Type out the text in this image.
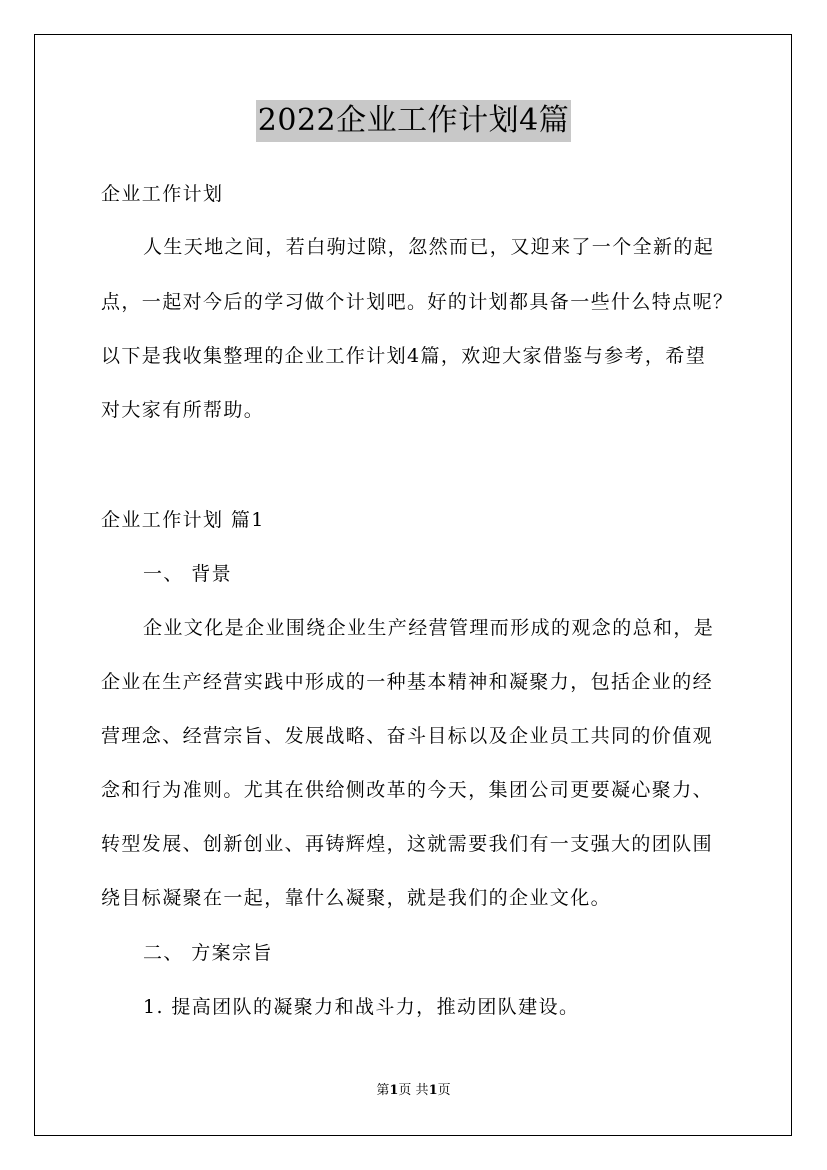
2022企业工作计划4篇
企业工作计划
人生天地之间，若白驹过隙，忽然而已，又迎来了一个全新的起
点，一起对今后的学习做个计划吧。好的计划都具备一些什么特点呢？
以下是我收集整理的企业工作计划4篇，欢迎大家借鉴与参考，希望
对大家有所帮助。
企业工作计划 篇1
一、 背景
企业文化是企业围绕企业生产经营管理而形成的观念的总和，是
企业在生产经营实践中形成的一种基本精神和凝聚力，包括企业的经
营理念、经营宗旨、发展战略、奋斗目标以及企业员工共同的价值观
念和行为准则。尤其在供给侧改革的今天，集团公司更要凝心聚力、
转型发展、创新创业、再铸辉煌，这就需要我们有一支强大的团队围
绕目标凝聚在一起，靠什么凝聚，就是我们的企业文化。
二、 方案宗旨
1. 提高团队的凝聚力和战斗力，推动团队建设。
第1页 共1页
